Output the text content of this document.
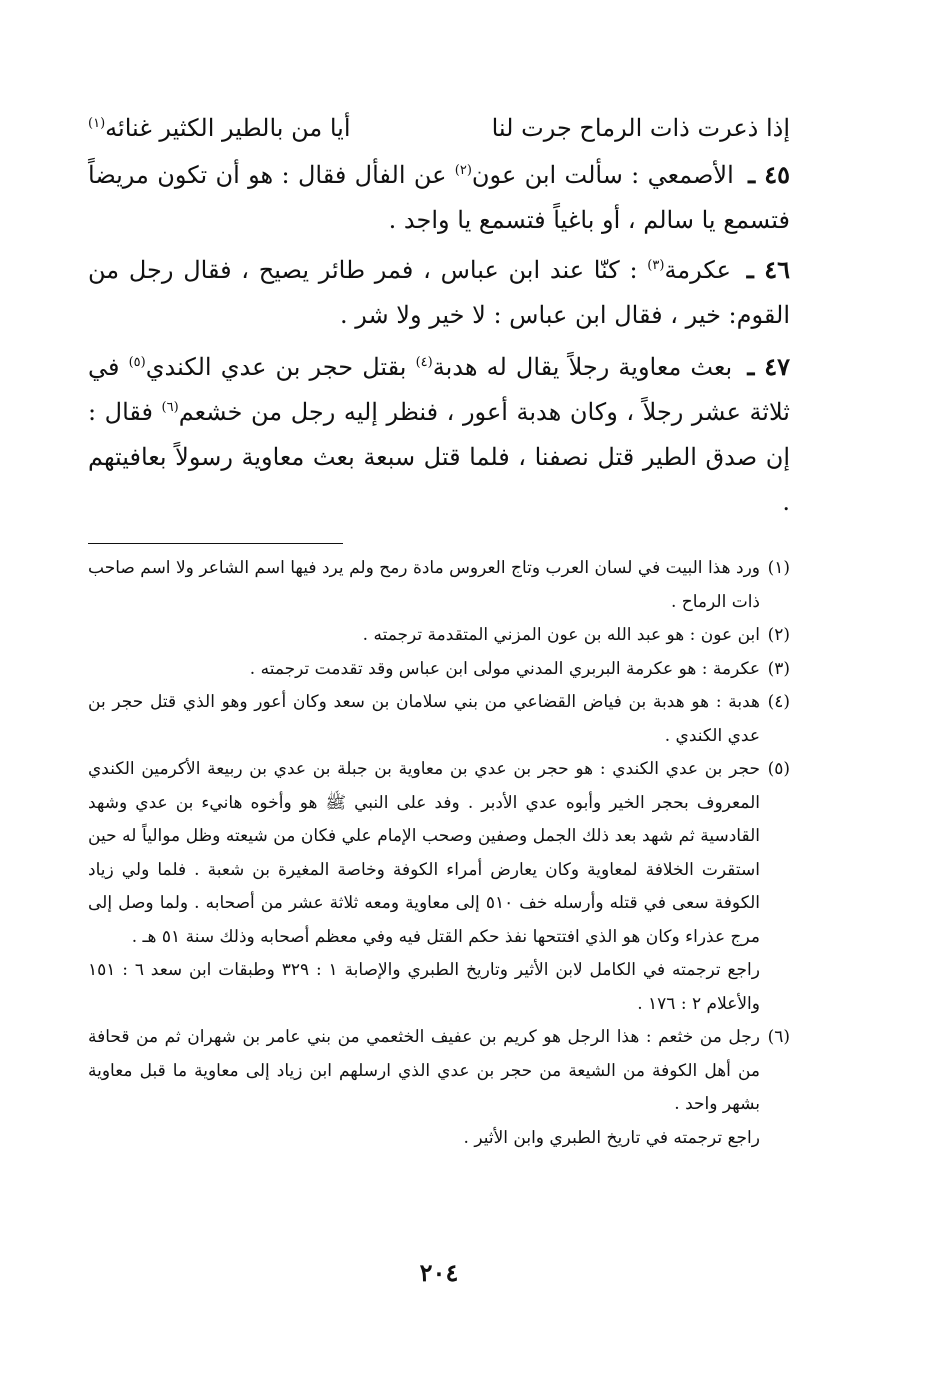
إذا ذعرت ذات الرماح جرت لنا
أيا من بالطير الكثير غنائه$^{(١)}$

٤٥ ـ الأصمعي : سألت ابن عون$^{(٢)}$ عن الفأل فقال : هو أن تكون مريضاً فتسمع يا سالم ، أو باغياً فتسمع يا واجد .

٤٦ ـ عكرمة$^{(٣)}$ : كنّا عند ابن عباس ، فمر طائر يصيح ، فقال رجل من القوم: خير ، فقال ابن عباس : لا خير ولا شر .

٤٧ ـ بعث معاوية رجلاً يقال له هدبة$^{(٤)}$ بقتل حجر بن عدي الكندي$^{(٥)}$ في ثلاثة عشر رجلاً ، وكان هدبة أعور ، فنظر إليه رجل من خشعم$^{(٦)}$ فقال : إن صدق الطير قتل نصفنا ، فلما قتل سبعة بعث معاوية رسولاً بعافيتهم .

(١)

ورد هذا البيت في لسان العرب وتاج العروس مادة رمح ولم يرد فيها اسم الشاعر ولا اسم صاحب ذات الرماح .

(٢)

ابن عون : هو عبد الله بن عون المزني المتقدمة ترجمته .

(٣)

عكرمة : هو عكرمة البربري المدني مولى ابن عباس وقد تقدمت ترجمته .

(٤)

هدبة : هو هدبة بن فياض القضاعي من بني سلامان بن سعد وكان أعور وهو الذي قتل حجر بن عدي الكندي .

(٥)

حجر بن عدي الكندي : هو حجر بن عدي بن معاوية بن جبلة بن عدي بن ربيعة الأكرمين الكندي المعروف بحجر الخير وأبوه عدي الأدبر . وفد على النبي ﷺ هو وأخوه هانيء بن عدي وشهد القادسية ثم شهد بعد ذلك الجمل وصفين وصحب الإمام علي فكان من شيعته وظل موالياً له حين استقرت الخلافة لمعاوية وكان يعارض أمراء الكوفة وخاصة المغيرة بن شعبة . فلما ولي زياد الكوفة سعى في قتله وأرسله خف ٥١٠ إلى معاوية ومعه ثلاثة عشر من أصحابه . ولما وصل إلى مرج عذراء وكان هو الذي افتتحها نفذ حكم القتل فيه وفي معظم أصحابه وذلك سنة ٥١ هـ .

راجع ترجمته في الكامل لابن الأثير وتاريخ الطبري والإصابة ١ : ٣٢٩ وطبقات ابن سعد ٦ : ١٥١ والأعلام ٢ : ١٧٦ .

(٦)

رجل من خثعم : هذا الرجل هو كريم بن عفيف الخثعمي من بني عامر بن شهران ثم من قحافة من أهل الكوفة من الشيعة من حجر بن عدي الذي ارسلهم ابن زياد إلى معاوية ما قبل معاوية بشهر واحد .

راجع ترجمته في تاريخ الطبري وابن الأثير .

٢٠٤
